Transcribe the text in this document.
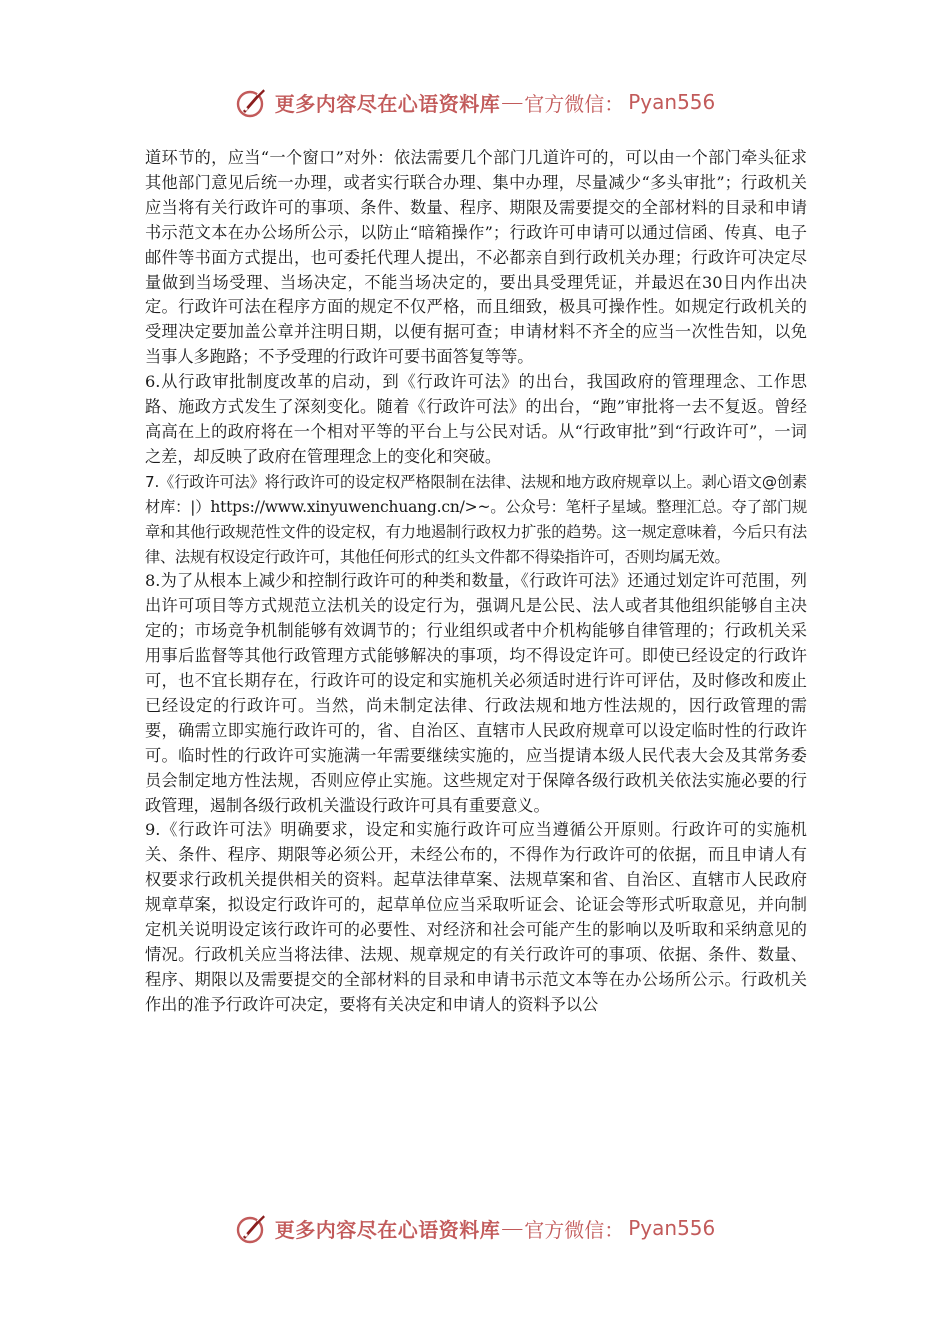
更多内容尽在心语资料库 — 官方微信： Pyan556

道环节的，应当“一个窗口”对外：依法需要几个部门几道许可的，可以由一个部门牵头征求其他部门意见后统一办理，或者实行联合办理、集中办理，尽量减少“多头审批”；行政机关应当将有关行政许可的事项、条件、数量、程序、期限及需要提交的全部材料的目录和申请书示范文本在办公场所公示，以防止“暗箱操作”；行政许可申请可以通过信函、传真、电子邮件等书面方式提出，也可委托代理人提出，不必都亲自到行政机关办理；行政许可决定尽量做到当场受理、当场决定，不能当场决定的，要出具受理凭证，并最迟在30日内作出决定。行政许可法在程序方面的规定不仅严格，而且细致，极具可操作性。如规定行政机关的受理决定要加盖公章并注明日期，以便有据可查；申请材料不齐全的应当一次性告知，以免当事人多跑路；不予受理的行政许可要书面答复等等。

6.从行政审批制度改革的启动，到《行政许可法》的出台，我国政府的管理理念、工作思路、施政方式发生了深刻变化。随着《行政许可法》的出台，“跑”审批将一去不复返。曾经高高在上的政府将在一个相对平等的平台上与公民对话。从“行政审批”到“行政许可”，一词之差，却反映了政府在管理理念上的变化和突破。

7.《行政许可法》将行政许可的设定权严格限制在法律、法规和地方政府规章以上。剥心语文@创素材库：|）https://www.xinyuwenchuang.cn/>~。公众号：笔杆子星域。整理汇总。夺了部门规章和其他行政规范性文件的设定权，有力地遏制行政权力扩张的趋势。这一规定意味着，今后只有法律、法规有权设定行政许可，其他任何形式的红头文件都不得染指许可，否则均属无效。

8.为了从根本上减少和控制行政许可的种类和数量，《行政许可法》还通过划定许可范围，列出许可项目等方式规范立法机关的设定行为，强调凡是公民、法人或者其他组织能够自主决定的；市场竞争机制能够有效调节的；行业组织或者中介机构能够自律管理的；行政机关采用事后监督等其他行政管理方式能够解决的事项，均不得设定许可。即使已经设定的行政许可，也不宜长期存在，行政许可的设定和实施机关必须适时进行许可评估，及时修改和废止已经设定的行政许可。当然，尚未制定法律、行政法规和地方性法规的，因行政管理的需要，确需立即实施行政许可的，省、自治区、直辖市人民政府规章可以设定临时性的行政许可。临时性的行政许可实施满一年需要继续实施的，应当提请本级人民代表大会及其常务委员会制定地方性法规，否则应停止实施。这些规定对于保障各级行政机关依法实施必要的行政管理，遏制各级行政机关滥设行政许可具有重要意义。

9.《行政许可法》明确要求，设定和实施行政许可应当遵循公开原则。行政许可的实施机关、条件、程序、期限等必须公开，未经公布的，不得作为行政许可的依据，而且申请人有权要求行政机关提供相关的资料。起草法律草案、法规草案和省、自治区、直辖市人民政府规章草案，拟设定行政许可的，起草单位应当采取听证会、论证会等形式听取意见，并向制定机关说明设定该行政许可的必要性、对经济和社会可能产生的影响以及听取和采纳意见的情况。行政机关应当将法律、法规、规章规定的有关行政许可的事项、依据、条件、数量、程序、期限以及需要提交的全部材料的目录和申请书示范文本等在办公场所公示。行政机关作出的准予行政许可决定，要将有关决定和申请人的资料予以公

更多内容尽在心语资料库 — 官方微信： Pyan556
